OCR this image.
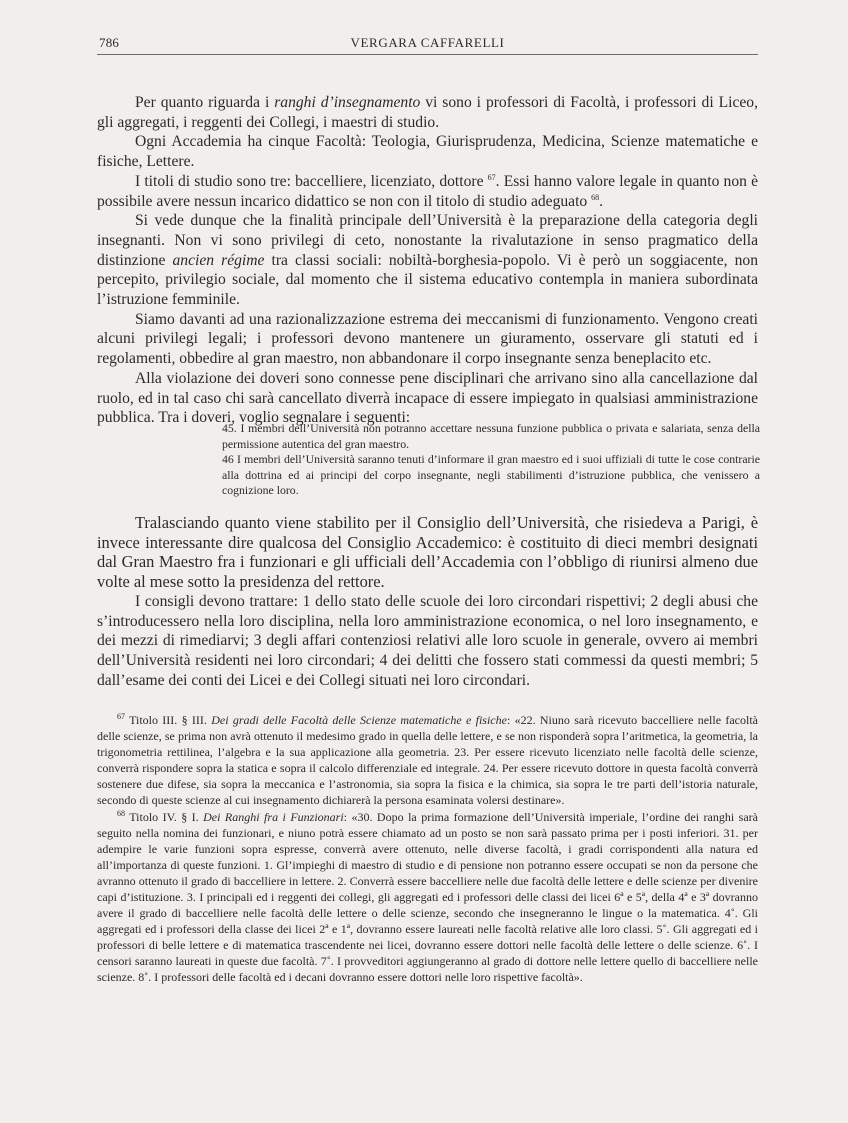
786	VERGARA CAFFARELLI

Per quanto riguarda i ranghi d’insegnamento vi sono i professori di Facoltà, i professori di Liceo, gli aggregati, i reggenti dei Collegi, i maestri di studio.

Ogni Accademia ha cinque Facoltà: Teologia, Giurisprudenza, Medicina, Scienze matematiche e fisiche, Lettere.

I titoli di studio sono tre: baccelliere, licenziato, dottore $^{67}$. Essi hanno valore legale in quanto non è possibile avere nessun incarico didattico se non con il titolo di studio adeguato $^{68}$.

Si vede dunque che la finalità principale dell’Università è la preparazione della categoria degli insegnanti. Non vi sono privilegi di ceto, nonostante la rivalutazione in senso pragmatico della distinzione ancien régime tra classi sociali: nobiltà-borghesia-popolo. Vi è però un soggiacente, non percepito, privilegio sociale, dal momento che il sistema educativo contempla in maniera subordinata l’istruzione femminile.

Siamo davanti ad una razionalizzazione estrema dei meccanismi di funzionamento. Vengono creati alcuni privilegi legali; i professori devono mantenere un giuramento, osservare gli statuti ed i regolamenti, obbedire al gran maestro, non abbandonare il corpo insegnante senza beneplacito etc.

Alla violazione dei doveri sono connesse pene disciplinari che arrivano sino alla cancellazione dal ruolo, ed in tal caso chi sarà cancellato diverrà incapace di essere impiegato in qualsiasi amministrazione pubblica. Tra i doveri, voglio segnalare i seguenti:

45. I membri dell’Università non potranno accettare nessuna funzione pubblica o privata e salariata, senza della permissione autentica del gran maestro.

46 I membri dell’Università saranno tenuti d’informare il gran maestro ed i suoi uffiziali di tutte le cose contrarie alla dottrina ed ai principi del corpo insegnante, negli stabilimenti d’istruzione pubblica, che venissero a cognizione loro.

Tralasciando quanto viene stabilito per il Consiglio dell’Università, che risiedeva a Parigi, è invece interessante dire qualcosa del Consiglio Accademico: è costituito di dieci membri designati dal Gran Maestro fra i funzionari e gli ufficiali dell’Accademia con l’obbligo di riunirsi almeno due volte al mese sotto la presidenza del rettore.

I consigli devono trattare: 1 dello stato delle scuole dei loro circondari rispettivi; 2 degli abusi che s’introducessero nella loro disciplina, nella loro amministrazione economica, o nel loro insegnamento, e dei mezzi di rimediarvi; 3 degli affari contenziosi relativi alle loro scuole in generale, ovvero ai membri dell’Università residenti nei loro circondari; 4 dei delitti che fossero stati commessi da questi membri; 5 dall’esame dei conti dei Licei e dei Collegi situati nei loro circondari.

$^{67}$ Titolo III. § III. Dei gradi delle Facoltà delle Scienze matematiche e fisiche: «22. Niuno sarà ricevuto baccelliere nelle facoltà delle scienze, se prima non avrà ottenuto il medesimo grado in quella delle lettere, e se non risponderà sopra l’aritmetica, la geometria, la trigonometria rettilinea, l’algebra e la sua applicazione alla geometria. 23. Per essere ricevuto licenziato nelle facoltà delle scienze, converrà rispondere sopra la statica e sopra il calcolo differenziale ed integrale. 24. Per essere ricevuto dottore in questa facoltà converrà sostenere due difese, sia sopra la meccanica e l’astronomia, sia sopra la fisica e la chimica, sia sopra le tre parti dell’istoria naturale, secondo di queste scienze al cui insegnamento dichiarerà la persona esaminata volersi destinare».

$^{68}$ Titolo IV. § I. Dei Ranghi fra i Funzionari: «30. Dopo la prima formazione dell’Università imperiale, l’ordine dei ranghi sarà seguito nella nomina dei funzionari, e niuno potrà essere chiamato ad un posto se non sarà passato prima per i posti inferiori. 31. per adempire le varie funzioni sopra espresse, converrà avere ottenuto, nelle diverse facoltà, i gradi corrispondenti alla natura ed all’importanza di queste funzioni. 1. Gl’impieghi di maestro di studio e di pensione non potranno essere occupati se non da persone che avranno ottenuto il grado di baccelliere in lettere. 2. Converrà essere baccelliere nelle due facoltà delle lettere e delle scienze per divenire capi d’istituzione. 3. I principali ed i reggenti dei collegi, gli aggregati ed i professori delle classi dei licei 6ª e 5ª, della 4ª e 3ª dovranno avere il grado di baccelliere nelle facoltà delle lettere o delle scienze, secondo che insegneranno le lingue o la matematica. 4˚. Gli aggregati ed i professori della classe dei licei 2ª e 1ª, dovranno essere laureati nelle facoltà relative alle loro classi. 5˚. Gli aggregati ed i professori di belle lettere e di matematica trascendente nei licei, dovranno essere dottori nelle facoltà delle lettere o delle scienze. 6˚. I censori saranno laureati in queste due facoltà. 7˚. I provveditori aggiungeranno al grado di dottore nelle lettere quello di baccelliere nelle scienze. 8˚. I professori delle facoltà ed i decani dovranno essere dottori nelle loro rispettive facoltà».
